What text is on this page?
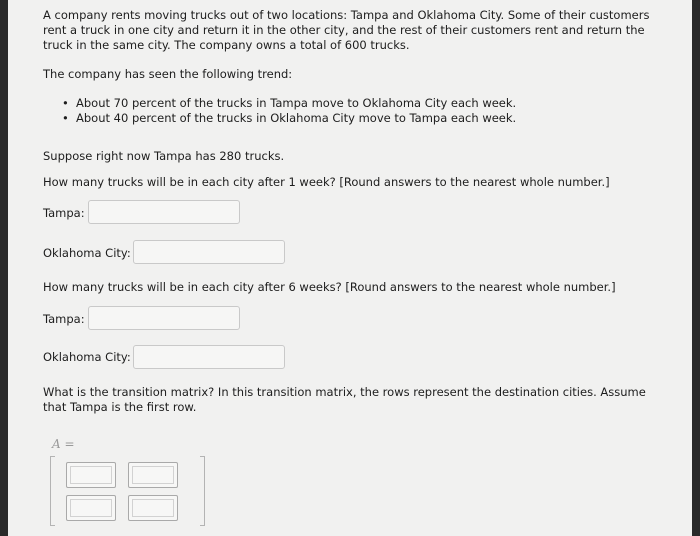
A company rents moving trucks out of two locations: Tampa and Oklahoma City. Some of their customers
rent a truck in one city and return it in the other city, and the rest of their customers rent and return the
truck in the same city. The company owns a total of 600 trucks.
The company has seen the following trend:
• About 70 percent of the trucks in Tampa move to Oklahoma City each week.
• About 40 percent of the trucks in Oklahoma City move to Tampa each week.
Suppose right now Tampa has 280 trucks.
How many trucks will be in each city after 1 week? [Round answers to the nearest whole number.]
Tampa:
Oklahoma City:
How many trucks will be in each city after 6 weeks? [Round answers to the nearest whole number.]
Tampa:
Oklahoma City:
What is the transition matrix? In this transition matrix, the rows represent the destination cities. Assume
that Tampa is the first row.
A =
